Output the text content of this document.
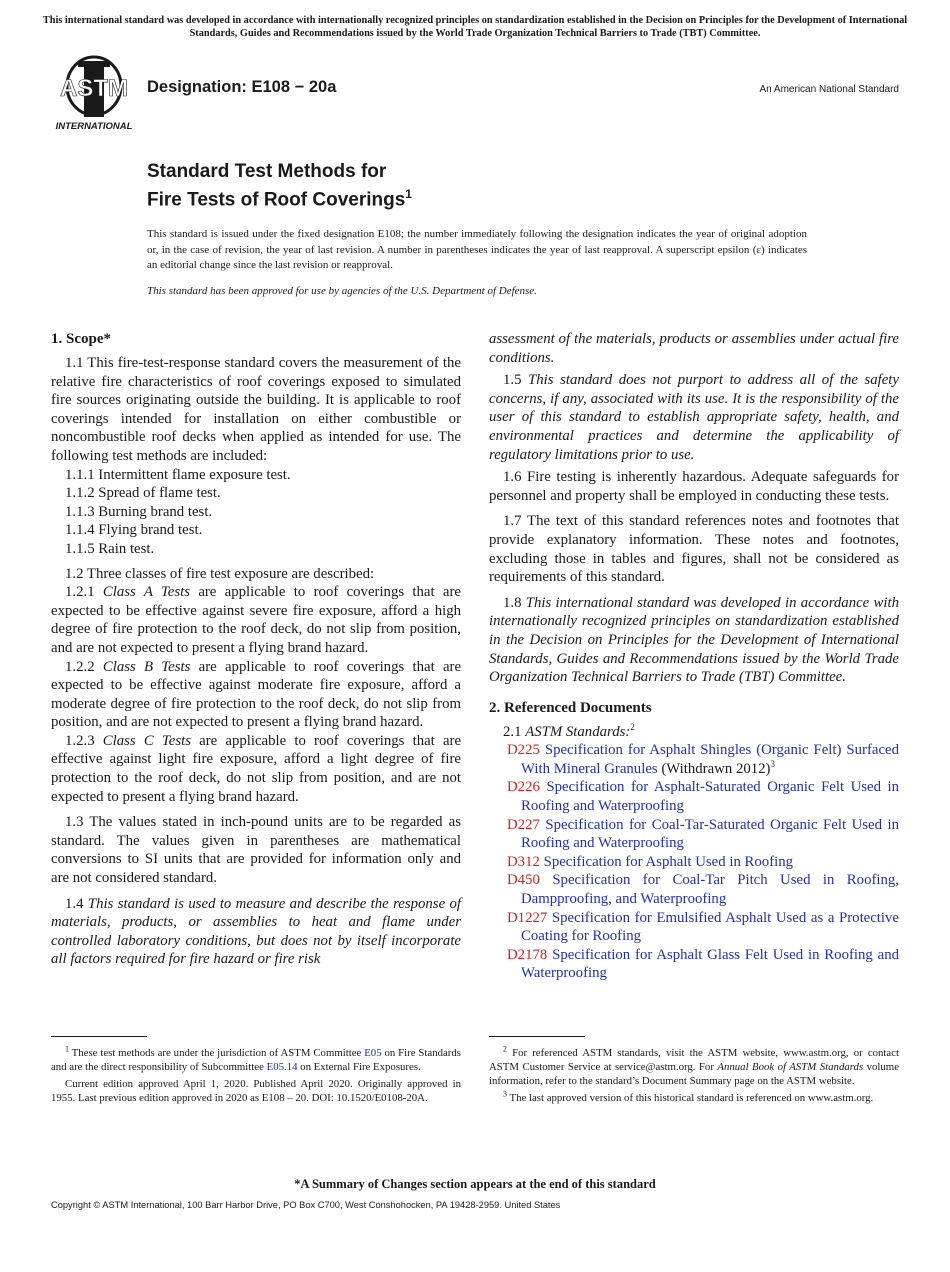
This international standard was developed in accordance with internationally recognized principles on standardization established in the Decision on Principles for the Development of International Standards, Guides and Recommendations issued by the World Trade Organization Technical Barriers to Trade (TBT) Committee.
ASTM
INTERNATIONAL
Designation: E108 − 20a	An American National Standard
Standard Test Methods for
Fire Tests of Roof Coverings$^1$
This standard is issued under the fixed designation E108; the number immediately following the designation indicates the year of original adoption or, in the case of revision, the year of last revision. A number in parentheses indicates the year of last reapproval. A superscript epsilon (ε) indicates an editorial change since the last revision or reapproval.
This standard has been approved for use by agencies of the U.S. Department of Defense.
1. Scope*

1.1 This fire-test-response standard covers the measurement of the relative fire characteristics of roof coverings exposed to simulated fire sources originating outside the building. It is applicable to roof coverings intended for installation on either combustible or noncombustible roof decks when applied as intended for use. The following test methods are included:

1.1.1 Intermittent flame exposure test.

1.1.2 Spread of flame test.

1.1.3 Burning brand test.

1.1.4 Flying brand test.

1.1.5 Rain test.

1.2 Three classes of fire test exposure are described:

1.2.1 Class A Tests are applicable to roof coverings that are expected to be effective against severe fire exposure, afford a high degree of fire protection to the roof deck, do not slip from position, and are not expected to present a flying brand hazard.

1.2.2 Class B Tests are applicable to roof coverings that are expected to be effective against moderate fire exposure, afford a moderate degree of fire protection to the roof deck, do not slip from position, and are not expected to present a flying brand hazard.

1.2.3 Class C Tests are applicable to roof coverings that are effective against light fire exposure, afford a light degree of fire protection to the roof deck, do not slip from position, and are not expected to present a flying brand hazard.

1.3 The values stated in inch-pound units are to be regarded as standard. The values given in parentheses are mathematical conversions to SI units that are provided for information only and are not considered standard.

1.4 This standard is used to measure and describe the response of materials, products, or assemblies to heat and flame under controlled laboratory conditions, but does not by itself incorporate all factors required for fire hazard or fire risk

assessment of the materials, products or assemblies under actual fire conditions.

1.5 This standard does not purport to address all of the safety concerns, if any, associated with its use. It is the responsibility of the user of this standard to establish appropriate safety, health, and environmental practices and determine the applicability of regulatory limitations prior to use.

1.6 Fire testing is inherently hazardous. Adequate safeguards for personnel and property shall be employed in conducting these tests.

1.7 The text of this standard references notes and footnotes that provide explanatory information. These notes and footnotes, excluding those in tables and figures, shall not be considered as requirements of this standard.

1.8 This international standard was developed in accordance with internationally recognized principles on standardization established in the Decision on Principles for the Development of International Standards, Guides and Recommendations issued by the World Trade Organization Technical Barriers to Trade (TBT) Committee.

2. Referenced Documents

2.1 ASTM Standards:$^2$

D225 Specification for Asphalt Shingles (Organic Felt) Surfaced With Mineral Granules (Withdrawn 2012)$^3$

D226 Specification for Asphalt-Saturated Organic Felt Used in Roofing and Waterproofing

D227 Specification for Coal-Tar-Saturated Organic Felt Used in Roofing and Waterproofing

D312 Specification for Asphalt Used in Roofing

D450 Specification for Coal-Tar Pitch Used in Roofing, Dampproofing, and Waterproofing

D1227 Specification for Emulsified Asphalt Used as a Protective Coating for Roofing

D2178 Specification for Asphalt Glass Felt Used in Roofing and Waterproofing

$^1$ These test methods are under the jurisdiction of ASTM Committee E05 on Fire Standards and are the direct responsibility of Subcommittee E05.14 on External Fire Exposures.

Current edition approved April 1, 2020. Published April 2020. Originally approved in 1955. Last previous edition approved in 2020 as E108 – 20. DOI: 10.1520/E0108-20A.

$^2$ For referenced ASTM standards, visit the ASTM website, www.astm.org, or contact ASTM Customer Service at service@astm.org. For Annual Book of ASTM Standards volume information, refer to the standard’s Document Summary page on the ASTM website.

$^3$ The last approved version of this historical standard is referenced on www.astm.org.

*A Summary of Changes section appears at the end of this standard
Copyright © ASTM International, 100 Barr Harbor Drive, PO Box C700, West Conshohocken, PA 19428-2959. United States
